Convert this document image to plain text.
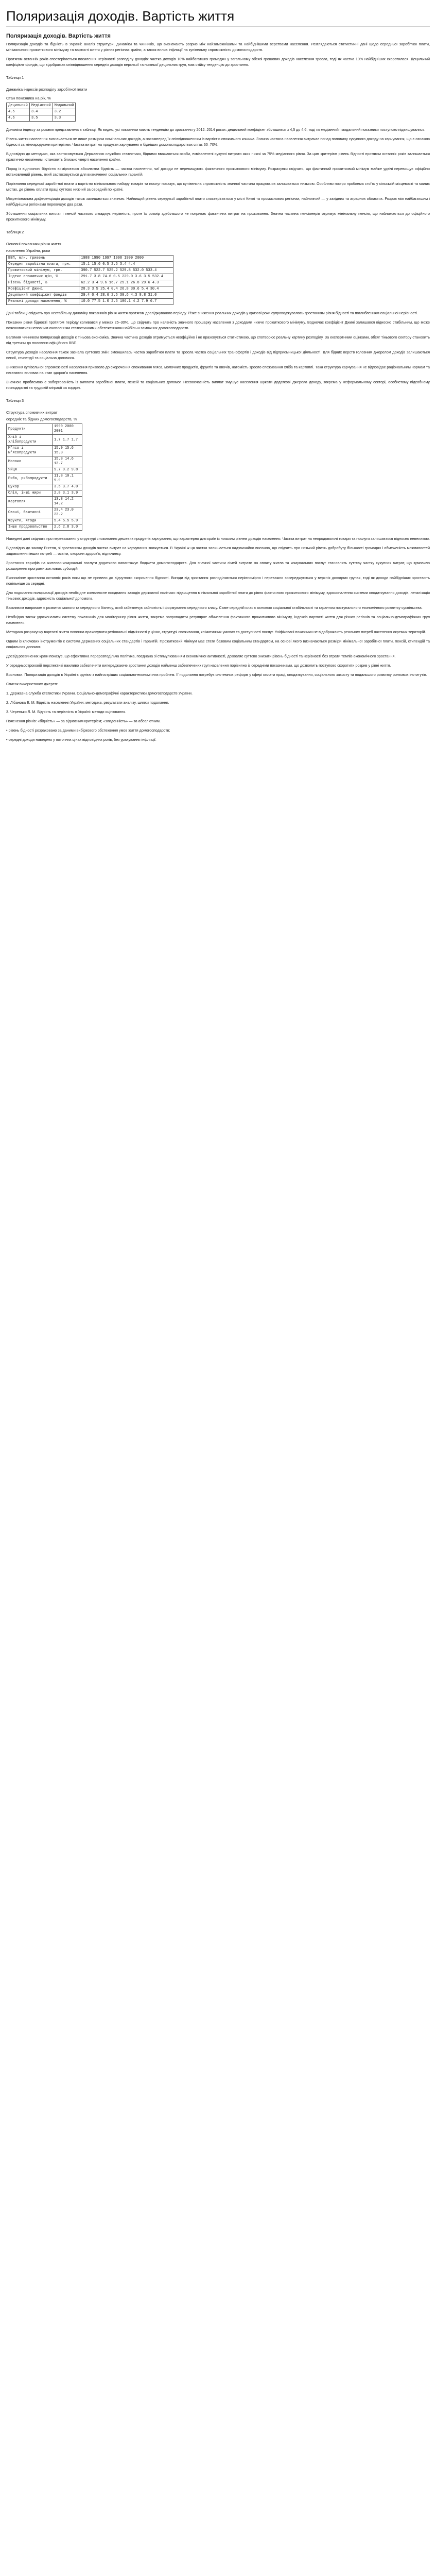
Поляризація доходів. Вартість життя
Поляризація доходів. Вартість життя

Поляризація доходів та бідність в Україні: аналіз структури, динаміки та чинників, що визначають розрив між найзаможнішими та найбіднішими верствами населення. Розглядаються статистичні дані щодо середньої заробітної плати, мінімального прожиткового мінімуму та вартості життя у різних регіонах країни, а також вплив інфляції на купівельну спроможність домогосподарств.

Протягом останніх років спостерігається посилення нерівності розподілу доходів: частка доходів 10% найбагатших громадян у загальному обсязі грошових доходів населення зросла, тоді як частка 10% найбідніших скоротилася. Децильний коефіцієнт фондів, що відображає співвідношення середніх доходів верхньої та нижньої децильних груп, має стійку тенденцію до зростання.

Таблиця 1

Динаміка індексів розподілу заробітної плати
Стан показника на рік, %
Децильний	Медіанний	Модальний
4.5	3.4	3.2
4.6	3.5	3.3

Динаміка індексу за роками представлена в таблиці. Як видно, усі показники мають тенденцію до зростання у 2012–2014 роках: децильний коефіцієнт збільшився з 4,5 до 4,6, тоді як медіанний і модальний показники поступово підвищувались.

Рівень життя населення визначається не лише розміром номінальних доходів, а насамперед їх співвідношенням із вартістю споживчого кошика. Значна частина населення витрачає понад половину сукупного доходу на харчування, що є ознакою бідності за міжнародними критеріями. Частка витрат на продукти харчування в бідніших домогосподарствах сягає 60–70%.

Відповідно до методики, яка застосовується Державною службою статистики, бідними вважаються особи, еквівалентні сукупні витрати яких нижчі за 75% медіанного рівня. За цим критерієм рівень бідності протягом останніх років залишається практично незмінним і становить близько чверті населення країни.

Поряд із відносною бідністю вимірюється абсолютна бідність — частка населення, чиї доходи не перевищують фактичного прожиткового мінімуму. Розрахунки свідчать, що фактичний прожитковий мінімум майже удвічі перевищує офіційно встановлений рівень, який застосовується для визначення соціальних гарантій.

Порівняння середньої заробітної плати з вартістю мінімального набору товарів та послуг показує, що купівельна спроможність значної частини працюючих залишається низькою. Особливо гостро проблема стоїть у сільській місцевості та малих містах, де рівень оплати праці суттєво нижчий за середній по країні.

Міжрегіональна диференціація доходів також залишається значною. Найвищий рівень середньої заробітної плати спостерігається у місті Києві та промислових регіонах, найнижчий — у західних та аграрних областях. Розрив між найбагатшим і найбіднішим регіонами перевищує два рази.

Збільшення соціальних виплат і пенсій частково згладжує нерівність, проте їх розмір здебільшого не покриває фактичних витрат на проживання. Значна частина пенсіонерів отримує мінімальну пенсію, що наближається до офіційного прожиткового мінімуму.

Таблиця 2

Основні показники рівня життя
населення України, роки
ВВП, млн. гривень	1988 1990 1997 1998 1999 2000
Середня заробітна плата, грн.	15.1 15.6 0.5 2.5 3.4 4.4
Прожитковий мінімум, грн.	390.7 522.7 525.2 529.8 532.0 533.4
Індекс споживчих цін, %	291.7 3.8 74.6 0.5 229.0 3.6 3.5 532.4
Рівень бідності, %	62.2 3.4 9.6 16.7 25.1 26.8 29.6 4.3
Коефіцієнт Джині	28.3 3.5 25.4 0.4 26.8 30.6 5.4 30.4
Децильний коефіцієнт фондів	29.4 0.4 28.6 2.5 30.6 4.3 8.8 31.0
Реальні доходи населення, %	10.0 77.5 1.0 2.5 106.1 4.2 7.9 6.7

Дані таблиці свідчать про нестабільну динаміку показників рівня життя протягом досліджуваного періоду. Різке зниження реальних доходів у кризові роки супроводжувалось зростанням рівня бідності та поглибленням соціальної нерівності.

Показник рівня бідності протягом періоду коливався у межах 25–30%, що свідчить про наявність значного прошарку населення з доходами нижче прожиткового мінімуму. Водночас коефіцієнт Джині залишався відносно стабільним, що може пояснюватися неповним охопленням статистичними обстеженнями найбільш заможних домогосподарств.

Вагомим чинником поляризації доходів є тіньова економіка. Значна частина доходів отримується неофіційно і не враховується статистикою, що спотворює реальну картину розподілу. За експертними оцінками, обсяг тіньового сектору становить від третини до половини офіційного ВВП.

Структура доходів населення також зазнала суттєвих змін: зменшилась частка заробітної плати та зросла частка соціальних трансфертів і доходів від підприємницької діяльності. Для бідних верств головним джерелом доходів залишаються пенсії, стипендії та соціальна допомога.

Зниження купівельної спроможності населення призвело до скорочення споживання м’яса, молочних продуктів, фруктів та овочів, натомість зросло споживання хліба та картоплі. Така структура харчування не відповідає раціональним нормам та негативно впливає на стан здоров’я населення.

Значною проблемою є заборгованість із виплати заробітної плати, пенсій та соціальних допомог. Несвоєчасність виплат змушує населення шукати додаткові джерела доходу, зокрема у неформальному секторі, особистому підсобному господарстві та трудовій міграції за кордон.

Таблиця 3

Структура споживчих витрат
середніх та бідних домогосподарств, %
Продукти	1999 2000 2001
Хліб і хлібопродукти	1.7 1.7 1.7
М'ясо і м'ясопродукти	15.9 15.6 15.3
Молоко	15.8 14.6 13.7
Яйця	9.7 9.2 9.8
Риба, рибопродукти	11.8 10.1 9.9
Цукор	3.5 3.7 4.0
Олія, інші жири	2.8 3.1 3.9
Картопля	13.8 14.2 14.2
Овочі, баштанні	23.4 23.0 23.2
Фрукти, ягоди	5.4 5.5 5.9
Інше продовольство	2.6 2.8 3.0

Наведені дані свідчать про переважання у структурі споживання дешевих продуктів харчування, що характерно для країн із низьким рівнем доходів населення. Частка витрат на непродовольчі товари та послуги залишається відносно невеликою.

Відповідно до закону Енгеля, зі зростанням доходів частка витрат на харчування знижується. В Україні ж ця частка залишається надзвичайно високою, що свідчить про низький рівень добробуту більшості громадян і обмеженість можливостей задоволення інших потреб — освіти, охорони здоров’я, відпочинку.

Зростання тарифів на житлово-комунальні послуги додатково навантажує бюджети домогосподарств. Для значної частини сімей витрати на оплату житла та комунальних послуг становлять суттєву частку сукупних витрат, що зумовило розширення програми житлових субсидій.

Економічне зростання останніх років поки що не привело до відчутного скорочення бідності. Вигоди від зростання розподіляються нерівномірно і переважно зосереджуються у верхніх доходних групах, тоді як доходи найбідніших зростають повільніше за середні.

Для подолання поляризації доходів необхідне комплексне поєднання заходів державної політики: підвищення мінімальної заробітної плати до рівня фактичного прожиткового мінімуму, вдосконалення системи оподаткування доходів, легалізація тіньових доходів, адресність соціальної допомоги.

Важливим напрямом є розвиток малого та середнього бізнесу, який забезпечує зайнятість і формування середнього класу. Саме середній клас є основою соціальної стабільності та гарантом поступального економічного розвитку суспільства.

Необхідно також удосконалити систему показників для моніторингу рівня життя, зокрема запровадити регулярне обчислення фактичного прожиткового мінімуму, індексів вартості життя для різних регіонів та соціально-демографічних груп населення.

Методика розрахунку вартості життя повинна враховувати регіональні відмінності у цінах, структурі споживання, кліматичних умовах та доступності послуг. Уніфіковані показники не відображають реальних потреб населення окремих територій.

Одним із ключових інструментів є система державних соціальних стандартів і гарантій. Прожитковий мінімум має стати базовим соціальним стандартом, на основі якого визначаються розміри мінімальної заробітної плати, пенсій, стипендій та соціальних допомог.

Досвід розвинених країн показує, що ефективна перерозподільча політика, поєднана зі стимулюванням економічної активності, дозволяє суттєво знизити рівень бідності та нерівності без втрати темпів економічного зростання.

У середньостроковій перспективі важливо забезпечити випереджаюче зростання доходів найменш забезпечених груп населення порівняно із середніми показниками, що дозволить поступово скоротити розрив у рівні життя.

Висновки. Поляризація доходів в Україні є однією з найгостріших соціально-економічних проблем. Її подолання потребує системних реформ у сфері оплати праці, оподаткування, соціального захисту та подальшого розвитку ринкових інститутів.

Список використаних джерел:

1. Державна служба статистики України. Соціально-демографічні характеристики домогосподарств України.

2. Лібанова Е. М. Бідність населення України: методика, результати аналізу, шляхи подолання.

3. Черенько Л. М. Бідність та нерівність в Україні: методи оцінювання.

Пояснення рівнів: «бідність» — за відносним критерієм; «злиденність» — за абсолютним.

• рівень бідності розраховано за даними вибіркового обстеження умов життя домогосподарств;

• середні доходи наведено у поточних цінах відповідних років, без урахування інфляції.
